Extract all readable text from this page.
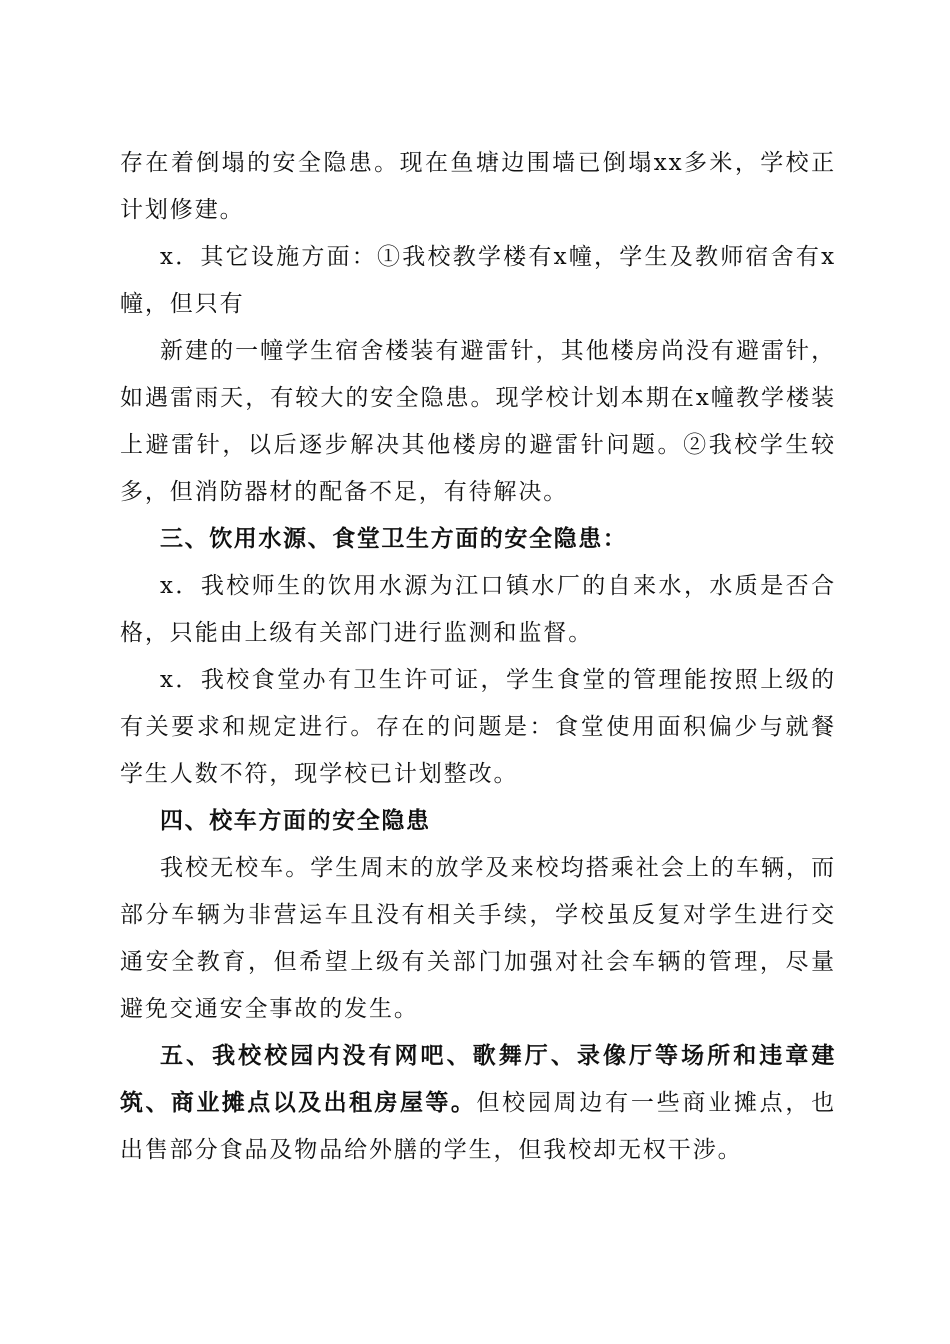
存在着倒塌的安全隐患。现在鱼塘边围墙已倒塌xx多米，学校正计划修建。

x．其它设施方面：①我校教学楼有x幢，学生及教师宿舍有x幢，但只有

新建的一幢学生宿舍楼装有避雷针，其他楼房尚没有避雷针，如遇雷雨天，有较大的安全隐患。现学校计划本期在x幢教学楼装上避雷针，以后逐步解决其他楼房的避雷针问题。②我校学生较多，但消防器材的配备不足，有待解决。

三、饮用水源、食堂卫生方面的安全隐患：

x．我校师生的饮用水源为江口镇水厂的自来水，水质是否合格，只能由上级有关部门进行监测和监督。

x．我校食堂办有卫生许可证，学生食堂的管理能按照上级的有关要求和规定进行。存在的问题是：食堂使用面积偏少与就餐学生人数不符，现学校已计划整改。

四、校车方面的安全隐患

我校无校车。学生周末的放学及来校均搭乘社会上的车辆，而部分车辆为非营运车且没有相关手续，学校虽反复对学生进行交通安全教育，但希望上级有关部门加强对社会车辆的管理，尽量避免交通安全事故的发生。

五、我校校园内没有网吧、歌舞厅、录像厅等场所和违章建筑、商业摊点以及出租房屋等。但校园周边有一些商业摊点，也出售部分食品及物品给外膳的学生，但我校却无权干涉。
